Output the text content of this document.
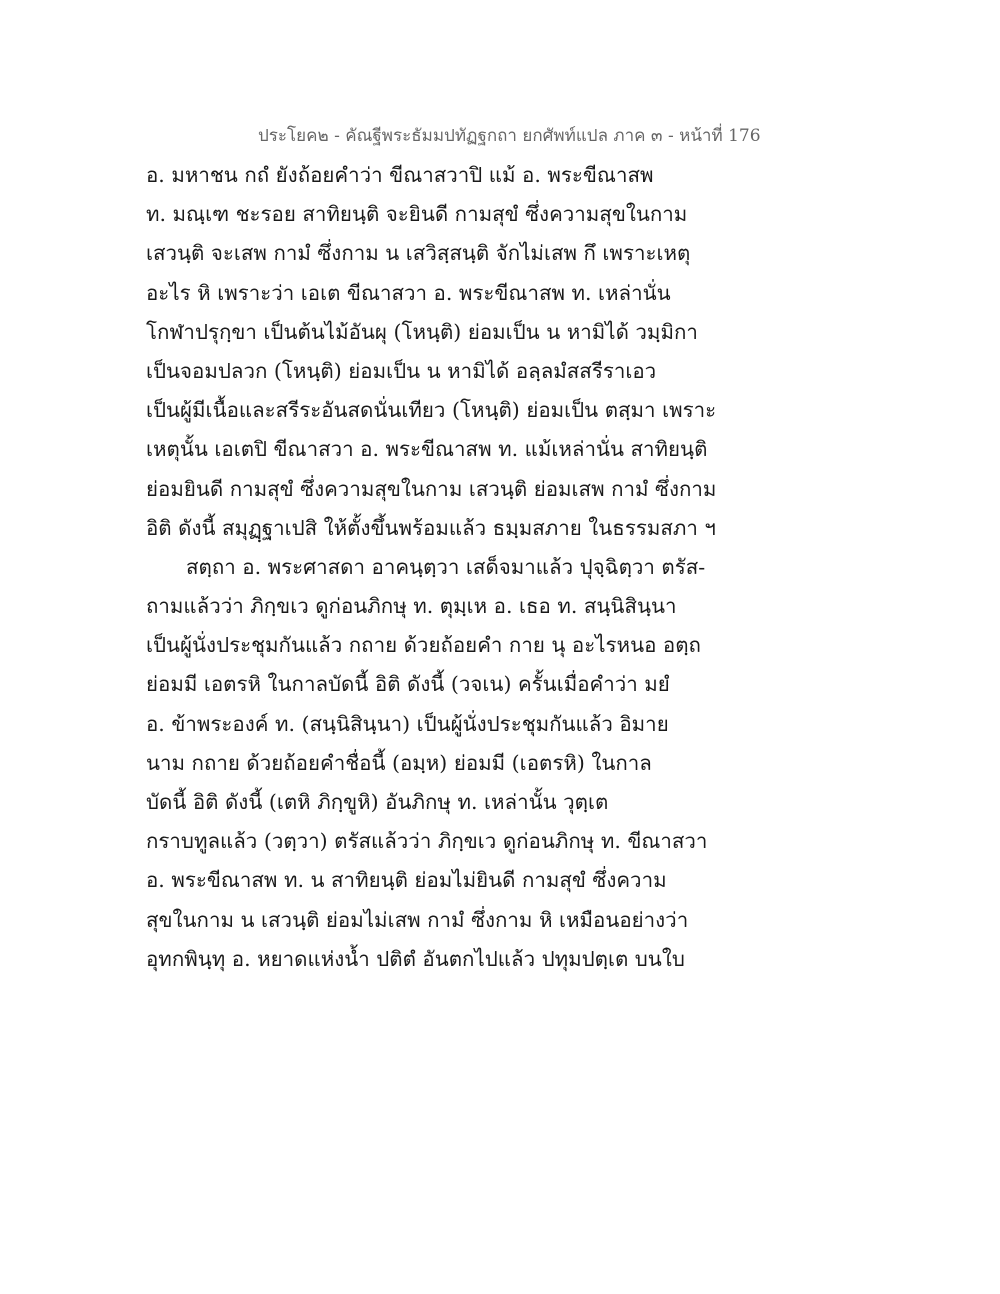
ประโยค๒ - คัณฐีพระธัมมปทัฏฐกถา ยกศัพท์แปล ภาค ๓ - หน้าที่ 176
อ. มหาชน กถํ ยังถ้อยคำว่า ขีณาสวาปิ แม้ อ. พระขีณาสพ
ท. มณฺเฑ ชะรอย สาทิยนฺติ จะยินดี กามสุขํ ซึ่งความสุขในกาม
เสวนฺติ จะเสพ กามํ ซึ่งกาม น เสวิสฺสนฺติ จักไม่เสพ กึ เพราะเหตุ
อะไร หิ เพราะว่า เอเต ขีณาสวา อ. พระขีณาสพ ท. เหล่านั่น
โกฬาปรุกฺขา เป็นต้นไม้อันผุ (โหนฺติ) ย่อมเป็น น หามิได้ วมฺมิกา
เป็นจอมปลวก (โหนฺติ) ย่อมเป็น น หามิได้ อลฺลมํสสรีราเอว
เป็นผู้มีเนื้อและสรีระอันสดนั่นเทียว (โหนฺติ) ย่อมเป็น ตสฺมา เพราะ
เหตุนั้น เอเตปิ ขีณาสวา อ. พระขีณาสพ ท. แม้เหล่านั่น สาทิยนฺติ
ย่อมยินดี กามสุขํ ซึ่งความสุขในกาม เสวนฺติ ย่อมเสพ กามํ ซึ่งกาม
อิติ ดังนี้ สมุฏฺฐาเปสิ ให้ตั้งขึ้นพร้อมแล้ว ธมฺมสภาย ในธรรมสภา ฯ
สตฺถา อ. พระศาสดา อาคนฺตฺวา เสด็จมาแล้ว ปุจฺฉิตฺวา ตรัส-
ถามแล้วว่า ภิกฺขเว ดูก่อนภิกษุ ท. ตุมฺเห อ. เธอ ท. สนฺนิสินฺนา
เป็นผู้นั่งประชุมกันแล้ว กถาย ด้วยถ้อยคำ กาย นุ อะไรหนอ อตฺถ
ย่อมมี เอตรหิ ในกาลบัดนี้ อิติ ดังนี้ (วจเน) ครั้นเมื่อคำว่า มยํ
อ. ข้าพระองค์ ท. (สนฺนิสินฺนา) เป็นผู้นั่งประชุมกันแล้ว อิมาย
นาม กถาย ด้วยถ้อยคำชื่อนี้ (อมฺห) ย่อมมี (เอตรหิ) ในกาล
บัดนี้ อิติ ดังนี้ (เตหิ ภิกฺขูหิ) อันภิกษุ ท. เหล่านั้น วุตฺเต
กราบทูลแล้ว (วตฺวา) ตรัสแล้วว่า ภิกฺขเว ดูก่อนภิกษุ ท. ขีณาสวา
อ. พระขีณาสพ ท. น สาทิยนฺติ ย่อมไม่ยินดี กามสุขํ ซึ่งความ
สุขในกาม น เสวนฺติ ย่อมไม่เสพ กามํ ซึ่งกาม หิ เหมือนอย่างว่า
อุทกพินฺทุ อ. หยาดแห่งน้ำ ปติตํ อันตกไปแล้ว ปทุมปตฺเต บนใบ
